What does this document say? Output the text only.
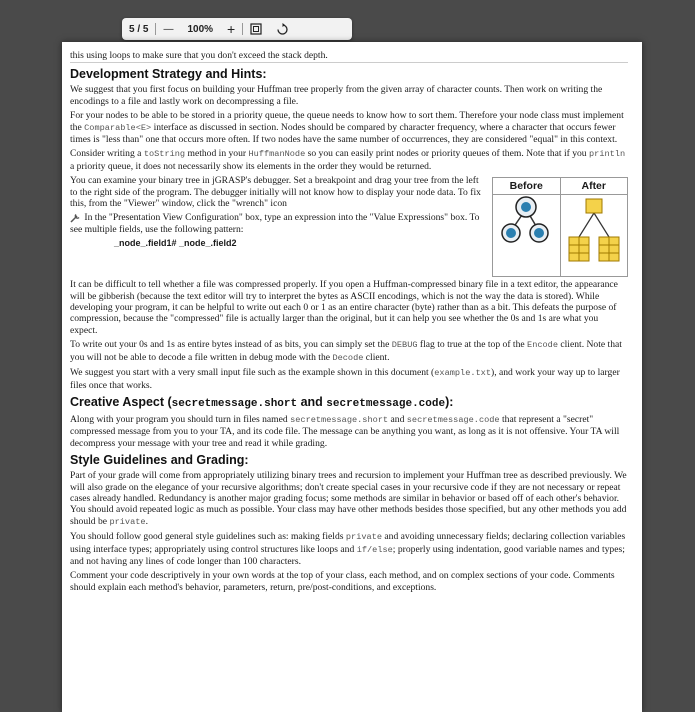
5
/
5	—	100%	+

this using loops to make sure that you don't exceed the stack depth.

Development Strategy and Hints:

We suggest that you first focus on building your Huffman tree properly from the given array of character counts. Then work on writing the encodings to a file and lastly work on decompressing a file.

For your nodes to be able to be stored in a priority queue, the queue needs to know how to sort them. Therefore your node class must implement the Comparable<E> interface as discussed in section. Nodes should be compared by character frequency, where a character that occurs fewer times is "less than" one that occurs more often. If two nodes have the same number of occurrences, they are considered "equal" in this context.

Consider writing a toString method in your HuffmanNode so you can easily print nodes or priority queues of them. Note that if you println a priority queue, it does not necessarily show its elements in the order they would be returned.

Before	After

You can examine your binary tree in jGRASP's debugger. Set a breakpoint and drag your tree from the left to the right side of the program. The debugger initially will not know how to display your node data. To fix this, from the "Viewer" window, click the "wrench" icon

In the "Presentation View Configuration" box, type an expression into the "Value Expressions" box. To see multiple fields, use the following pattern:

_node_.field1# _node_.field2

It can be difficult to tell whether a file was compressed properly. If you open a Huffman-compressed binary file in a text editor, the appearance will be gibberish (because the text editor will try to interpret the bytes as ASCII encodings, which is not the way the data is stored). While developing your program, it can be helpful to write out each 0 or 1 as an entire character (byte) rather than as a bit. This defeats the purpose of compression, because the "compressed" file is actually larger than the original, but it can help you see whether the 0s and 1s are what you expect.

To write out your 0s and 1s as entire bytes instead of as bits, you can simply set the DEBUG flag to true at the top of the Encode client. Note that you will not be able to decode a file written in debug mode with the Decode client.

We suggest you start with a very small input file such as the example shown in this document (example.txt), and work your way up to larger files once that works.

Creative Aspect (secretmessage.short and secretmessage.code):

Along with your program you should turn in files named secretmessage.short and secretmessage.code that represent a "secret" compressed message from you to your TA, and its code file. The message can be anything you want, as long as it is not offensive. Your TA will decompress your message with your tree and read it while grading.

Style Guidelines and Grading:

Part of your grade will come from appropriately utilizing binary trees and recursion to implement your Huffman tree as described previously. We will also grade on the elegance of your recursive algorithms; don't create special cases in your recursive code if they are not necessary or repeat cases already handled. Redundancy is another major grading focus; some methods are similar in behavior or based off of each other's behavior. You should avoid repeated logic as much as possible. Your class may have other methods besides those specified, but any other methods you add should be private.

You should follow good general style guidelines such as: making fields private and avoiding unnecessary fields; declaring collection variables using interface types; appropriately using control structures like loops and if/else; properly using indentation, good variable names and types; and not having any lines of code longer than 100 characters.

Comment your code descriptively in your own words at the top of your class, each method, and on complex sections of your code. Comments should explain each method's behavior, parameters, return, pre/post-conditions, and exceptions.
